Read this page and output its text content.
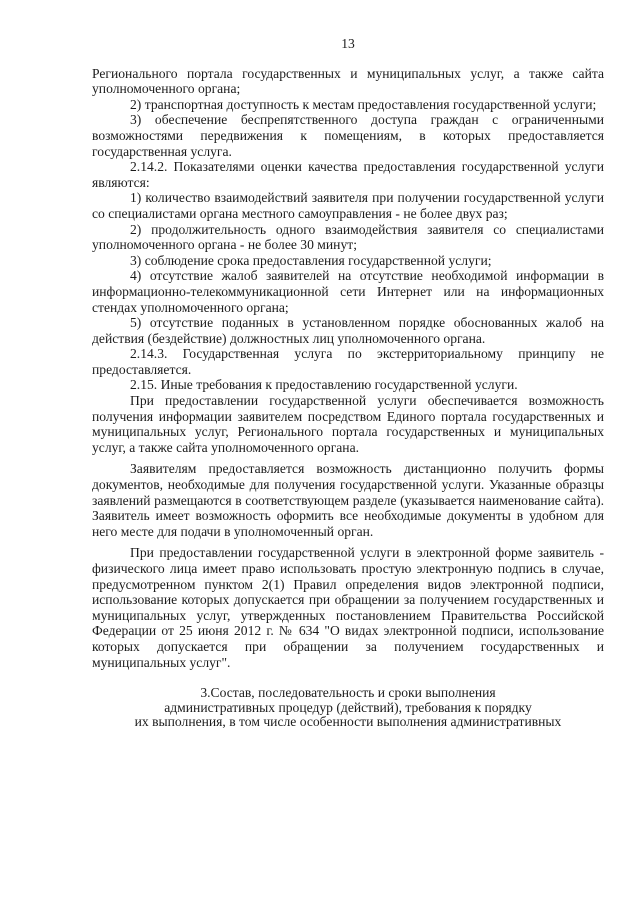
13

Регионального портала государственных и муниципальных услуг, а также сайта уполномоченного органа;

2) транспортная доступность к местам предоставления государственной услуги;

3) обеспечение беспрепятственного доступа граждан с ограниченными возможностями передвижения к помещениям, в которых предоставляется государственная услуга.

2.14.2. Показателями оценки качества предоставления государственной услуги являются:

1) количество взаимодействий заявителя при получении государственной услуги со специалистами органа местного самоуправления - не более двух раз;

2) продолжительность одного взаимодействия заявителя со специалистами уполномоченного органа - не более 30 минут;

3) соблюдение срока предоставления государственной услуги;

4) отсутствие жалоб заявителей на отсутствие необходимой информации в информационно-телекоммуникационной сети Интернет или на информационных стендах уполномоченного органа;

5) отсутствие поданных в установленном порядке обоснованных жалоб на действия (бездействие) должностных лиц уполномоченного органа.

2.14.3. Государственная услуга по экстерриториальному принципу не предоставляется.

2.15. Иные требования к предоставлению государственной услуги.

При предоставлении государственной услуги обеспечивается возможность получения информации заявителем посредством Единого портала государственных и муниципальных услуг, Регионального портала государственных и муниципальных услуг, а также сайта уполномоченного органа.

Заявителям предоставляется возможность дистанционно получить формы документов, необходимые для получения государственной услуги. Указанные образцы заявлений размещаются в соответствующем разделе (указывается наименование сайта). Заявитель имеет возможность оформить все необходимые документы в удобном для него месте для подачи в уполномоченный орган.

При предоставлении государственной услуги в электронной форме заявитель - физического лица имеет право использовать простую электронную подпись в случае, предусмотренном пунктом 2(1) Правил определения видов электронной подписи, использование которых допускается при обращении за получением государственных и муниципальных услуг, утвержденных постановлением Правительства Российской Федерации от 25 июня 2012 г. № 634 "О видах электронной подписи, использование которых допускается при обращении за получением государственных и муниципальных услуг".

3.Состав, последовательность и сроки выполнения
административных процедур (действий), требования к порядку
их выполнения, в том числе особенности выполнения административных
